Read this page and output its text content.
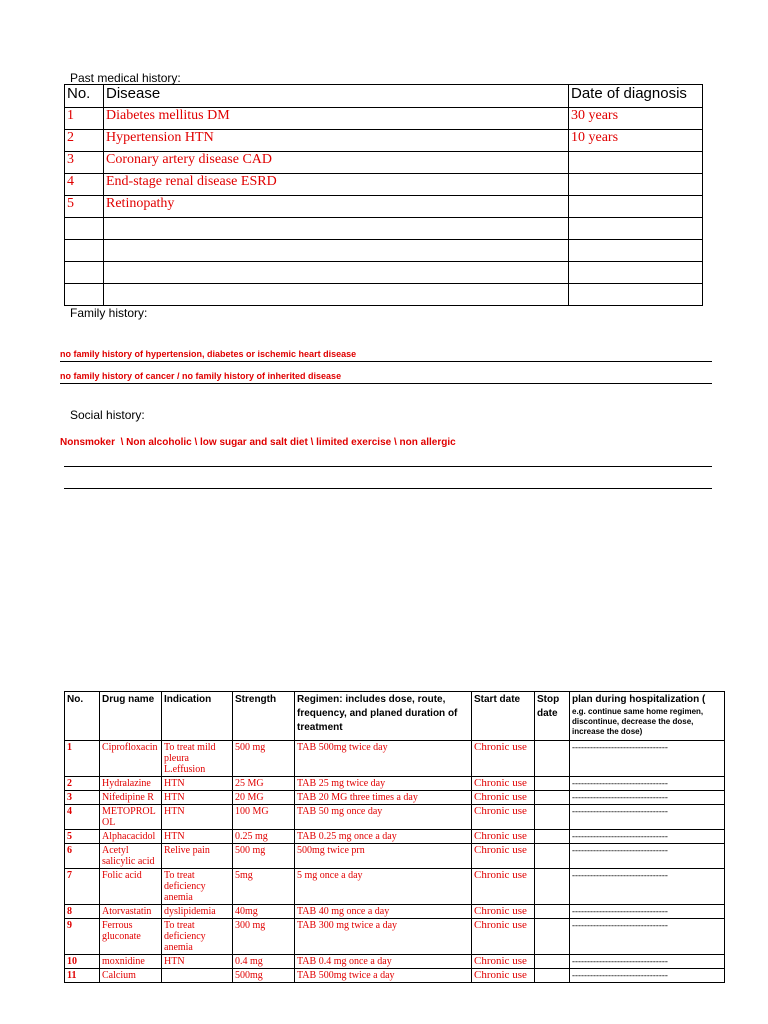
Past medical history:
No.	Disease	Date of diagnosis
1	Diabetes mellitus DM	30 years
2	Hypertension HTN	10 years
3	Coronary artery disease CAD	
4	End-stage renal disease ESRD	
5	Retinopathy	

Family history:
no family history of hypertension, diabetes or ischemic heart disease
no family history of cancer / no family history of inherited disease
Social history:
Nonsmoker  \ Non alcoholic \ low sugar and salt diet \ limited exercise \ non allergic
No.	Drug name	Indication	Strength	Regimen: includes dose, route, frequency, and planed duration of treatment	Start date	Stop date	plan during hospitalization (
e.g. continue same home regimen, discontinue, decrease the dose, increase the dose)

1	Ciprofloxacin	To treat mild pleura L.effusion	500 mg	TAB 500mg twice day	Chronic use		--------------------------------
2	Hydralazine	HTN	25 MG	TAB 25 mg twice day	Chronic use		--------------------------------
3	Nifedipine R	HTN	20 MG	TAB 20 MG three times a day	Chronic use		--------------------------------
4	METOPROL OL	HTN	100 MG	TAB 50 mg once day	Chronic use		--------------------------------
5	Alphacacidol	HTN	0.25 mg	TAB 0.25 mg once a day	Chronic use		--------------------------------
6	Acetyl salicylic acid	Relive pain	500 mg	500mg twice prn	Chronic use		--------------------------------
7	Folic acid	To treat deficiency anemia	5mg	5 mg once a day	Chronic use		--------------------------------
8	Atorvastatin	dyslipidemia	40mg	TAB 40 mg once a day	Chronic use		--------------------------------
9	Ferrous gluconate	To treat deficiency anemia	300 mg	TAB 300 mg twice a day	Chronic use		--------------------------------
10	moxnidine	HTN	0.4 mg	TAB 0.4 mg once a day	Chronic use		--------------------------------
11	Calcium		500mg	TAB 500mg twice a day	Chronic use		--------------------------------
